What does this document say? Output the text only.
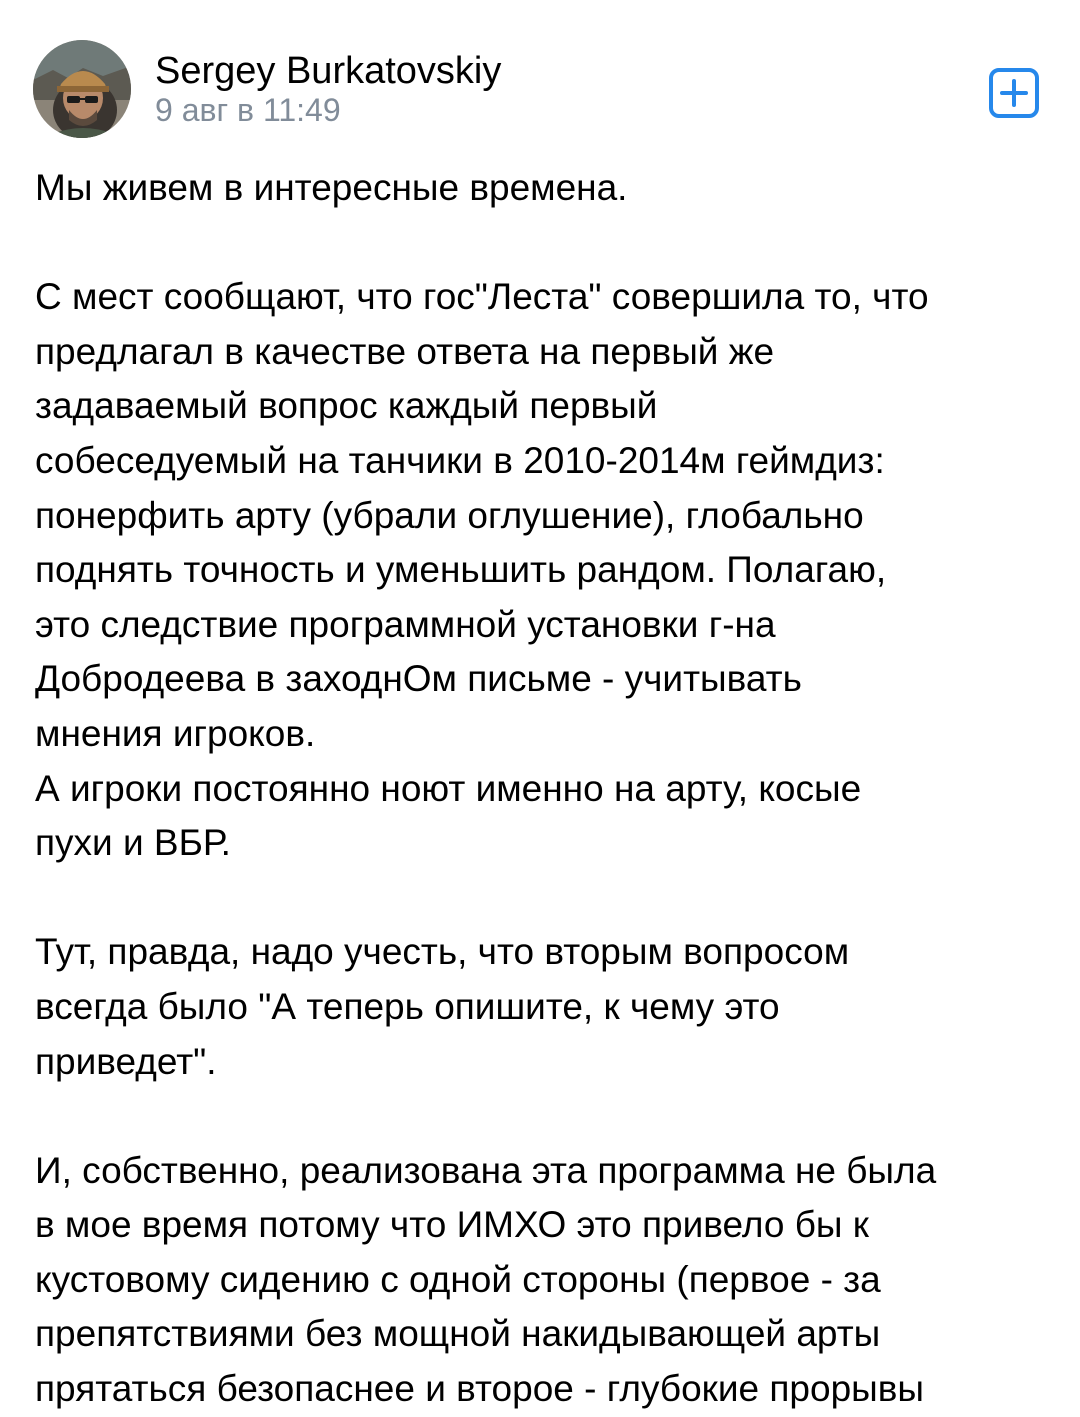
Sergey Burkatovskiy
9 авг в 11:49

Мы живем в интересные времена.

С мест сообщают, что гос"Леста" совершила то, что

предлагал в качестве ответа на первый же

задаваемый вопрос каждый первый

собеседуемый на танчики в 2010-2014м геймдиз:

понерфить арту (убрали оглушение), глобально

поднять точность и уменьшить рандом. Полагаю,

это следствие программной установки г-на

Добродеева в заходнОм письме - учитывать

мнения игроков.

А игроки постоянно ноют именно на арту, косые

пухи и ВБР.

Тут, правда, надо учесть, что вторым вопросом

всегда было "А теперь опишите, к чему это

приведет".

И, собственно, реализована эта программа не была

в мое время потому что ИМХО это привело бы к

кустовому сидению с одной стороны (первое - за

препятствиями без мощной накидывающей арты

прятаться безопаснее и второе - глубокие прорывы
